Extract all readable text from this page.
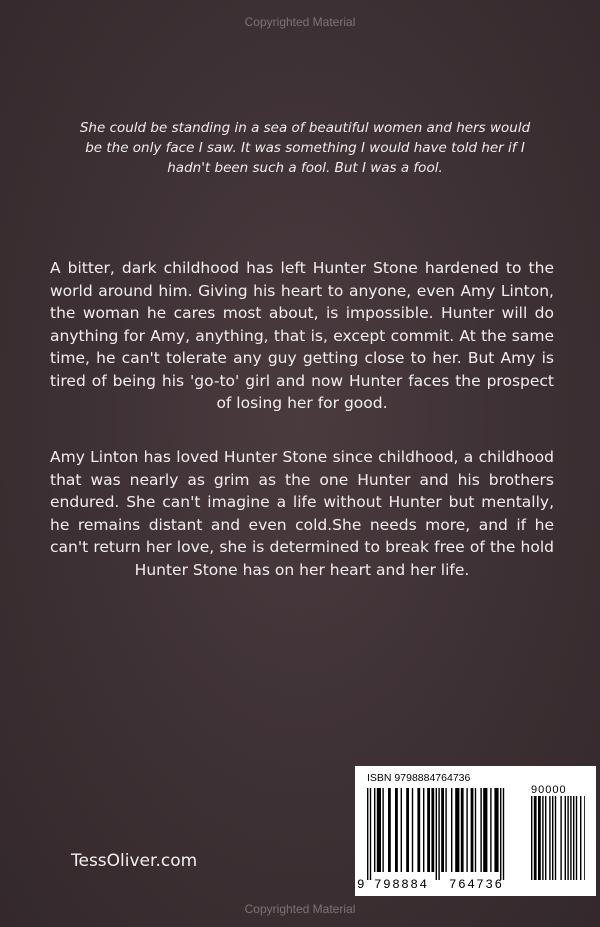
Copyrighted Material
She could be standing in a sea of beautiful women and hers would be the only face I saw. It was something I would have told her if I hadn't been such a fool. But I was a fool.
A bitter, dark childhood has left Hunter Stone hardened to the world around him. Giving his heart to anyone, even Amy Linton, the woman he cares most about, is impossible. Hunter will do anything for Amy, anything, that is, except commit. At the same time, he can't tolerate any guy getting close to her. But Amy is tired of being his 'go-to' girl and now Hunter faces the prospect of losing her for good.
Amy Linton has loved Hunter Stone since childhood, a childhood that was nearly as grim as the one Hunter and his brothers endured. She can't imagine a life without Hunter but mentally, he remains distant and even cold.She needs more, and if he can't return her love, she is determined to break free of the hold Hunter Stone has on her heart and her life.
TessOliver.com
ISBN 9798884764736
90000
9 798884 764736
Copyrighted Material
